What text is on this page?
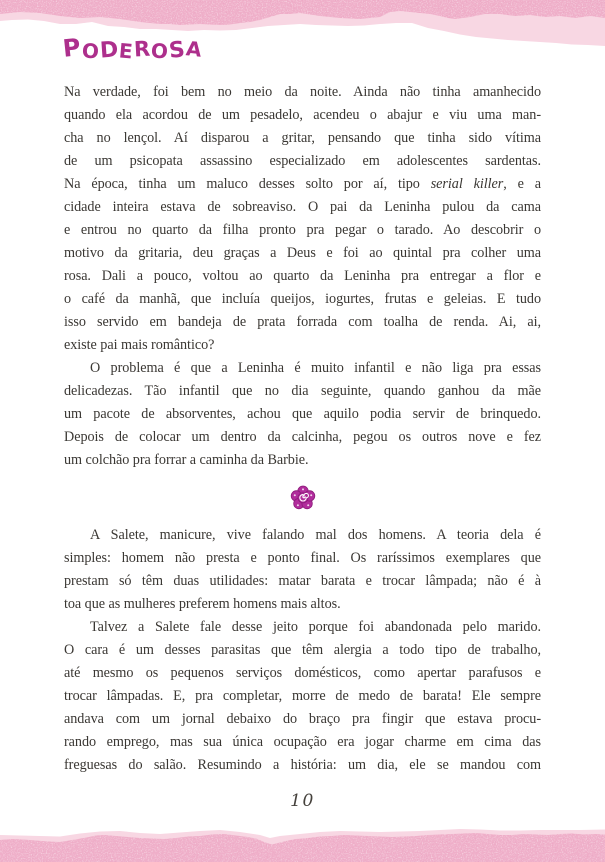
PODEROSA
Na verdade, foi bem no meio da noite. Ainda não tinha amanhecido
quando ela acordou de um pesadelo, acendeu o abajur e viu uma man-
cha no lençol. Aí disparou a gritar, pensando que tinha sido vítima
de um psicopata assassino especializado em adolescentes sardentas.
Na época, tinha um maluco desses solto por aí, tipo serial killer, e a
cidade inteira estava de sobreaviso. O pai da Leninha pulou da cama
e entrou no quarto da filha pronto pra pegar o tarado. Ao descobrir o
motivo da gritaria, deu graças a Deus e foi ao quintal pra colher uma
rosa. Dali a pouco, voltou ao quarto da Leninha pra entregar a flor e
o café da manhã, que incluía queijos, iogurtes, frutas e geleias. E tudo
isso servido em bandeja de prata forrada com toalha de renda. Ai, ai,
existe pai mais romântico?
O problema é que a Leninha é muito infantil e não liga pra essas
delicadezas. Tão infantil que no dia seguinte, quando ganhou da mãe
um pacote de absorventes, achou que aquilo podia servir de brinquedo.
Depois de colocar um dentro da calcinha, pegou os outros nove e fez
um colchão pra forrar a caminha da Barbie.
A Salete, manicure, vive falando mal dos homens. A teoria dela é
simples: homem não presta e ponto final. Os raríssimos exemplares que
prestam só têm duas utilidades: matar barata e trocar lâmpada; não é à
toa que as mulheres preferem homens mais altos.
Talvez a Salete fale desse jeito porque foi abandonada pelo marido.
O cara é um desses parasitas que têm alergia a todo tipo de trabalho,
até mesmo os pequenos serviços domésticos, como apertar parafusos e
trocar lâmpadas. E, pra completar, morre de medo de barata! Ele sempre
andava com um jornal debaixo do braço pra fingir que estava procu-
rando emprego, mas sua única ocupação era jogar charme em cima das
freguesas do salão. Resumindo a história: um dia, ele se mandou com
10
